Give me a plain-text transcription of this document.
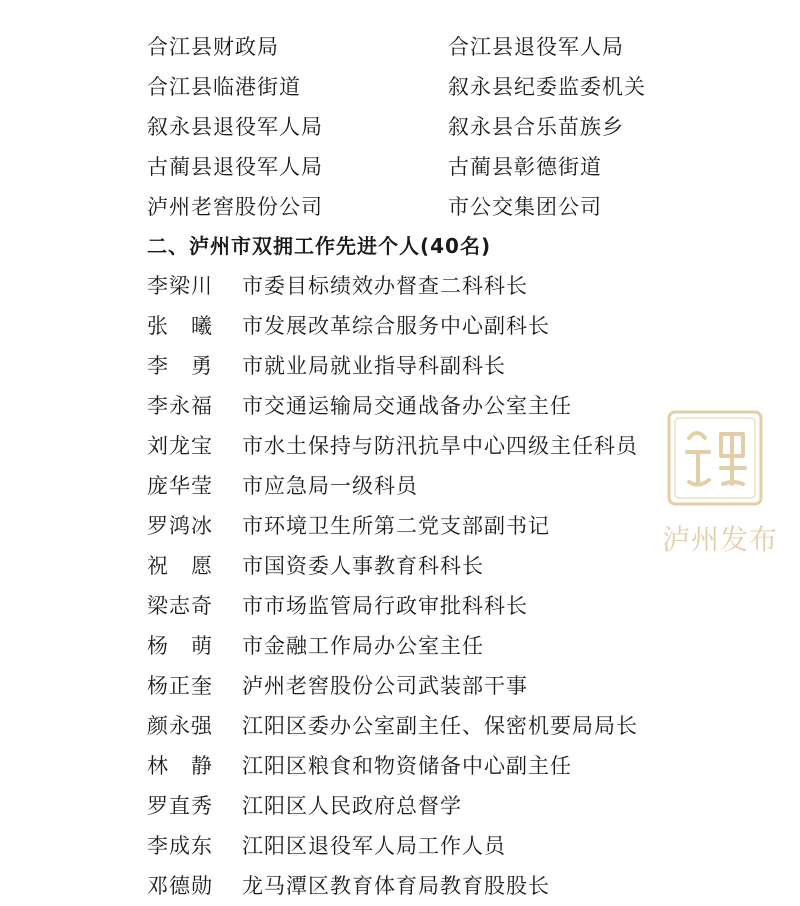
合江县财政局	合江县退役军人局
合江县临港街道	叙永县纪委监委机关
叙永县退役军人局	叙永县合乐苗族乡
古蔺县退役军人局	古蔺县彰德街道
泸州老窖股份公司	市公交集团公司
二、泸州市双拥工作先进个人(40名)
李梁川	市委目标绩效办督查二科科长
张　曦	市发展改革综合服务中心副科长
李　勇	市就业局就业指导科副科长
李永福	市交通运输局交通战备办公室主任
刘龙宝	市水土保持与防汛抗旱中心四级主任科员
庞华莹	市应急局一级科员
罗鸿冰	市环境卫生所第二党支部副书记
祝　愿	市国资委人事教育科科长
梁志奇	市市场监管局行政审批科科长
杨　萌	市金融工作局办公室主任
杨正奎	泸州老窖股份公司武装部干事
颜永强	江阳区委办公室副主任、保密机要局局长
林　静	江阳区粮食和物资储备中心副主任
罗直秀	江阳区人民政府总督学
李成东	江阳区退役军人局工作人员
邓德勋	龙马潭区教育体育局教育股股长
泸州发布
